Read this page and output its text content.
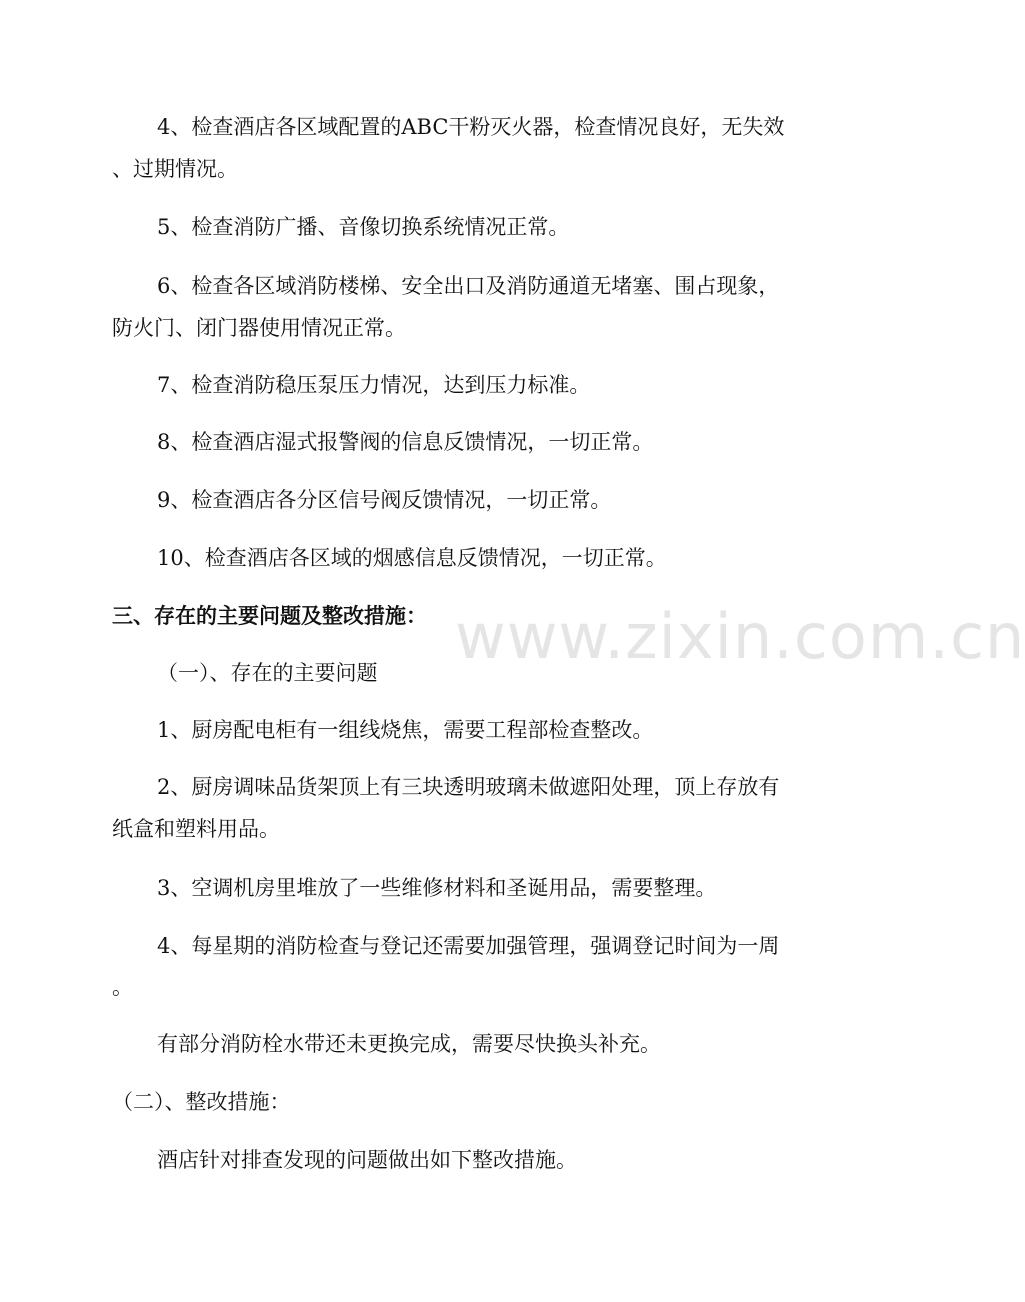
www.zixin.com.cn

4、检查酒店各区域配置的ABC干粉灭火器，检查情况良好，无失效

、过期情况。

5、检查消防广播、音像切换系统情况正常。

6、检查各区域消防楼梯、安全出口及消防通道无堵塞、围占现象，

防火门、闭门器使用情况正常。

7、检查消防稳压泵压力情况，达到压力标准。

8、检查酒店湿式报警阀的信息反馈情况，一切正常。

9、检查酒店各分区信号阀反馈情况，一切正常。

10、检查酒店各区域的烟感信息反馈情况，一切正常。

三、存在的主要问题及整改措施：

（一）、存在的主要问题

1、厨房配电柜有一组线烧焦，需要工程部检查整改。

2、厨房调味品货架顶上有三块透明玻璃未做遮阳处理，顶上存放有

纸盒和塑料用品。

3、空调机房里堆放了一些维修材料和圣诞用品，需要整理。

4、每星期的消防检查与登记还需要加强管理，强调登记时间为一周

。

有部分消防栓水带还未更换完成，需要尽快换头补充。

（二）、整改措施：

酒店针对排查发现的问题做出如下整改措施。
